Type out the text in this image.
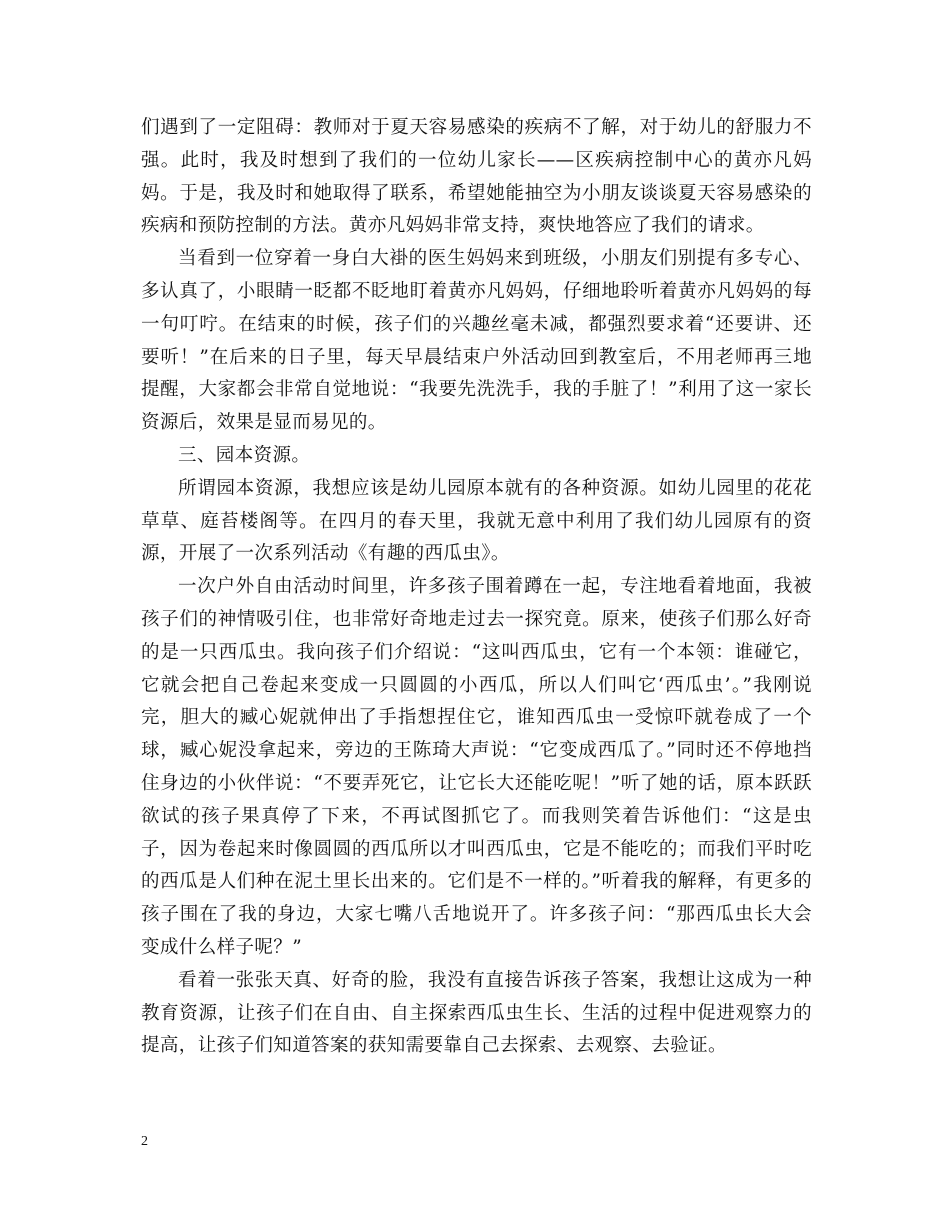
们遇到了一定阻碍：教师对于夏天容易感染的疾病不了解，对于幼儿的舒服力不强。此时，我及时想到了我们的一位幼儿家长——区疾病控制中心的黄亦凡妈妈。于是，我及时和她取得了联系，希望她能抽空为小朋友谈谈夏天容易感染的疾病和预防控制的方法。黄亦凡妈妈非常支持，爽快地答应了我们的请求。

当看到一位穿着一身白大褂的医生妈妈来到班级，小朋友们别提有多专心、多认真了，小眼睛一眨都不眨地盯着黄亦凡妈妈，仔细地聆听着黄亦凡妈妈的每一句叮咛。在结束的时候，孩子们的兴趣丝毫未减，都强烈要求着“还要讲、还要听！”在后来的日子里，每天早晨结束户外活动回到教室后，不用老师再三地提醒，大家都会非常自觉地说：“我要先洗洗手，我的手脏了！”利用了这一家长资源后，效果是显而易见的。

三、园本资源。

所谓园本资源，我想应该是幼儿园原本就有的各种资源。如幼儿园里的花花草草、庭苔楼阁等。在四月的春天里，我就无意中利用了我们幼儿园原有的资源，开展了一次系列活动《有趣的西瓜虫》。

一次户外自由活动时间里，许多孩子围着蹲在一起，专注地看着地面，我被孩子们的神情吸引住，也非常好奇地走过去一探究竟。原来，使孩子们那么好奇的是一只西瓜虫。我向孩子们介绍说：“这叫西瓜虫，它有一个本领：谁碰它，它就会把自己卷起来变成一只圆圆的小西瓜，所以人们叫它‘西瓜虫’。”我刚说完，胆大的臧心妮就伸出了手指想捏住它，谁知西瓜虫一受惊吓就卷成了一个球，臧心妮没拿起来，旁边的王陈琦大声说：“它变成西瓜了。”同时还不停地挡住身边的小伙伴说：“不要弄死它，让它长大还能吃呢！”听了她的话，原本跃跃欲试的孩子果真停了下来，不再试图抓它了。而我则笑着告诉他们：“这是虫子，因为卷起来时像圆圆的西瓜所以才叫西瓜虫，它是不能吃的；而我们平时吃的西瓜是人们种在泥土里长出来的。它们是不一样的。”听着我的解释，有更多的孩子围在了我的身边，大家七嘴八舌地说开了。许多孩子问：“那西瓜虫长大会变成什么样子呢？”

看着一张张天真、好奇的脸，我没有直接告诉孩子答案，我想让这成为一种教育资源，让孩子们在自由、自主探索西瓜虫生长、生活的过程中促进观察力的提高，让孩子们知道答案的获知需要靠自己去探索、去观察、去验证。

2
